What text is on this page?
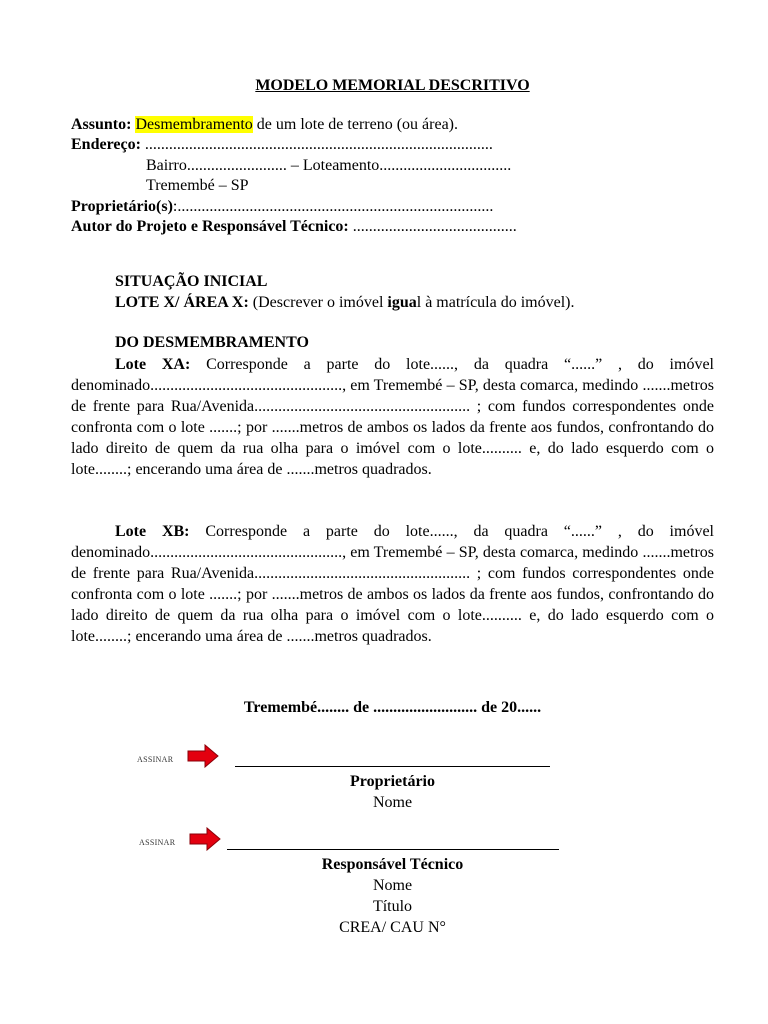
MODELO MEMORIAL DESCRITIVO
Assunto: Desmembramento de um lote de terreno (ou área).
Endereço: .......................................................................................
Bairro......................... – Loteamento.................................
Tremembé – SP
Proprietário(s):...............................................................................
Autor do Projeto e Responsável Técnico: .........................................
SITUAÇÃO INICIAL
LOTE X/ ÁREA X: (Descrever o imóvel igual à matrícula do imóvel).
DO DESMEMBRAMENTO
Lote XA: Corresponde a parte do lote......, da quadra “......” , do imóvel denominado................................................, em Tremembé – SP, desta comarca, medindo .......metros de frente para Rua/Avenida...................................................... ; com fundos correspondentes onde confronta com o lote .......; por .......metros de ambos os lados da frente aos fundos, confrontando do lado direito de quem da rua olha para o imóvel com o lote.......... e, do lado esquerdo com o lote........; encerando uma área de .......metros quadrados.
Lote XB: Corresponde a parte do lote......, da quadra “......” , do imóvel denominado................................................, em Tremembé – SP, desta comarca, medindo .......metros de frente para Rua/Avenida...................................................... ; com fundos correspondentes onde confronta com o lote .......; por .......metros de ambos os lados da frente aos fundos, confrontando do lado direito de quem da rua olha para o imóvel com o lote.......... e, do lado esquerdo com o lote........; encerando uma área de .......metros quadrados.
Tremembé........ de .......................... de 20......
ASSINAR
Proprietário
Nome
ASSINAR
Responsável Técnico
Nome
Título
CREA/ CAU N°
